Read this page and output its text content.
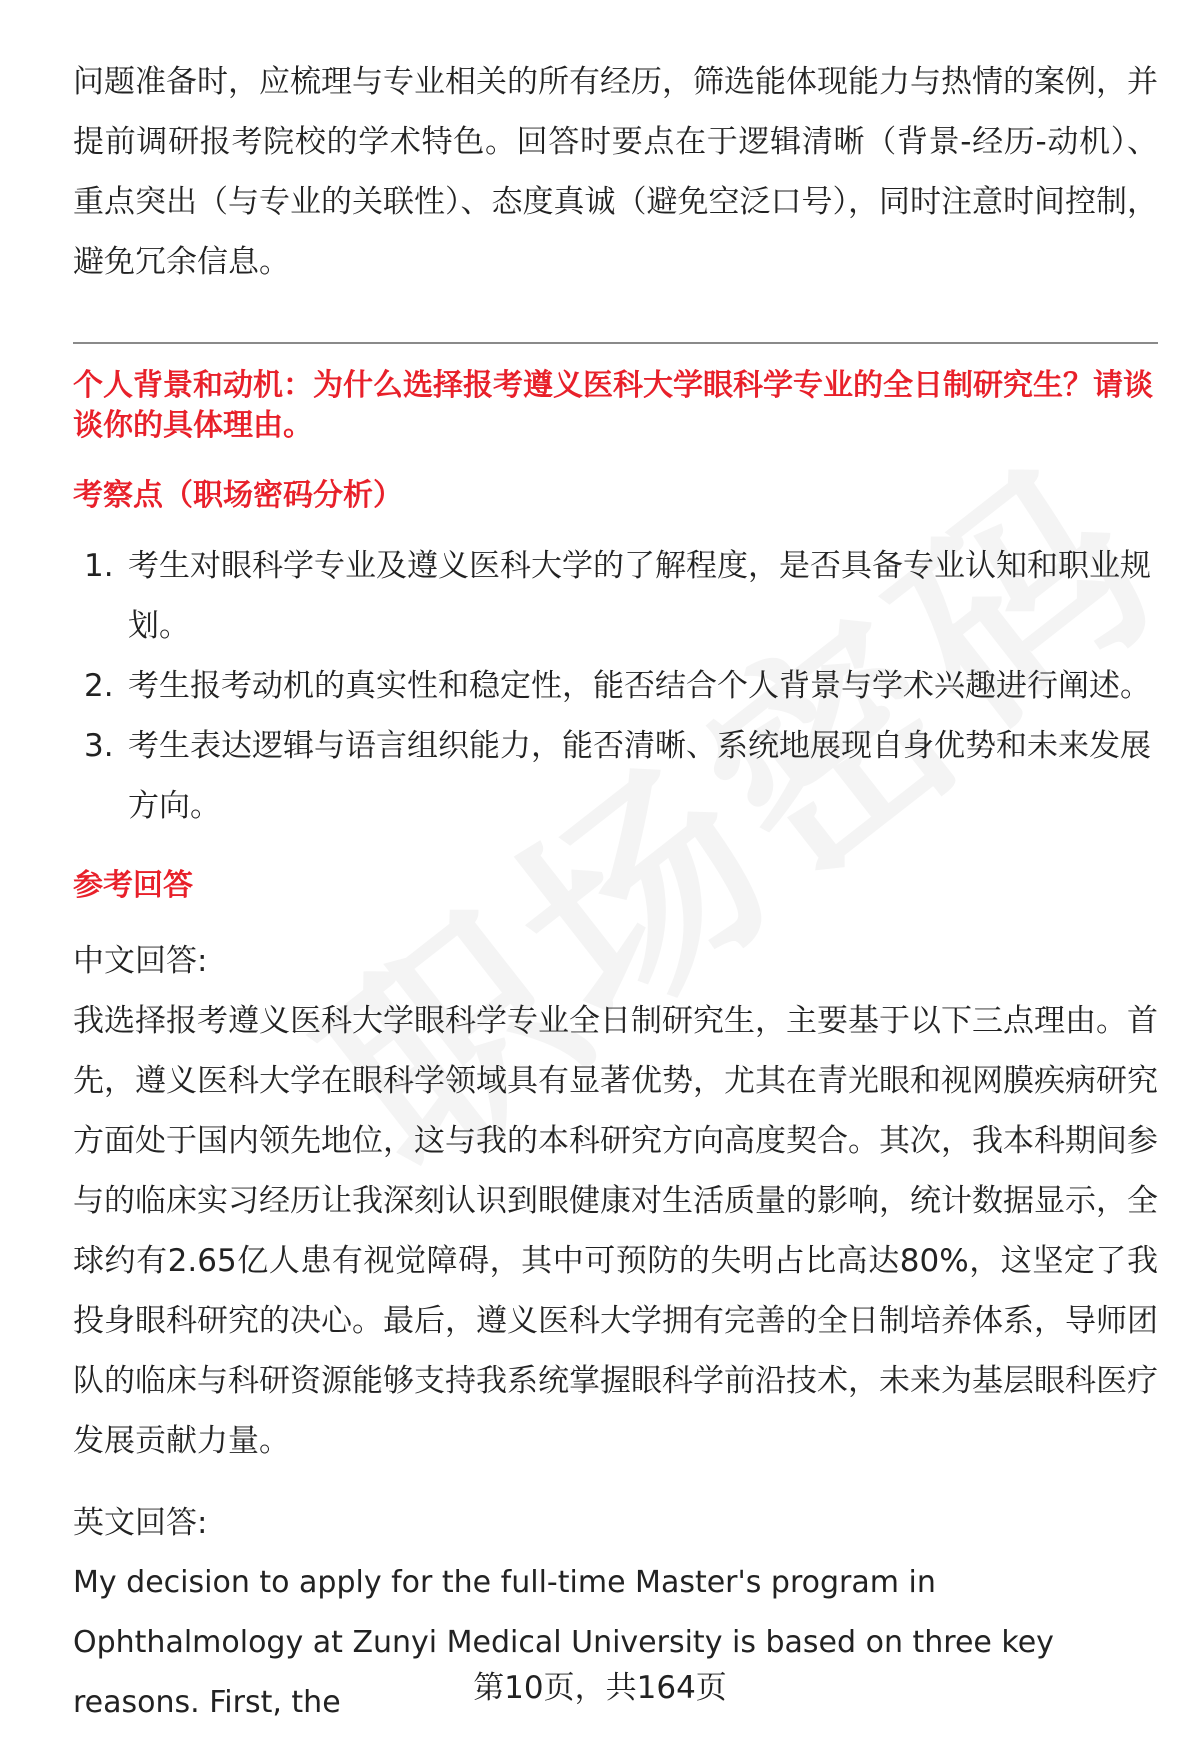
问题准备时，应梳理与专业相关的所有经历，筛选能体现能力与热情的案例，并提前调研报考院校的学术特色。回答时要点在于逻辑清晰（背景-经历-动机）、重点突出（与专业的关联性）、态度真诚（避免空泛口号），同时注意时间控制，避免冗余信息。

个人背景和动机：为什么选择报考遵义医科大学眼科学专业的全日制研究生？请谈谈你的具体理由。
考察点（职场密码分析）
1. 考生对眼科学专业及遵义医科大学的了解程度，是否具备专业认知和职业规划。
2. 考生报考动机的真实性和稳定性，能否结合个人背景与学术兴趣进行阐述。
3. 考生表达逻辑与语言组织能力，能否清晰、系统地展现自身优势和未来发展方向。
参考回答
中文回答:

我选择报考遵义医科大学眼科学专业全日制研究生，主要基于以下三点理由。首先，遵义医科大学在眼科学领域具有显著优势，尤其在青光眼和视网膜疾病研究方面处于国内领先地位，这与我的本科研究方向高度契合。其次，我本科期间参与的临床实习经历让我深刻认识到眼健康对生活质量的影响，统计数据显示，全球约有2.65亿人患有视觉障碍，其中可预防的失明占比高达80%，这坚定了我投身眼科研究的决心。最后，遵义医科大学拥有完善的全日制培养体系，导师团队的临床与科研资源能够支持我系统掌握眼科学前沿技术，未来为基层眼科医疗发展贡献力量。

英文回答:

My decision to apply for the full-time Master's program in Ophthalmology at Zunyi Medical University is based on three key reasons. First, the	第10页，共164页
